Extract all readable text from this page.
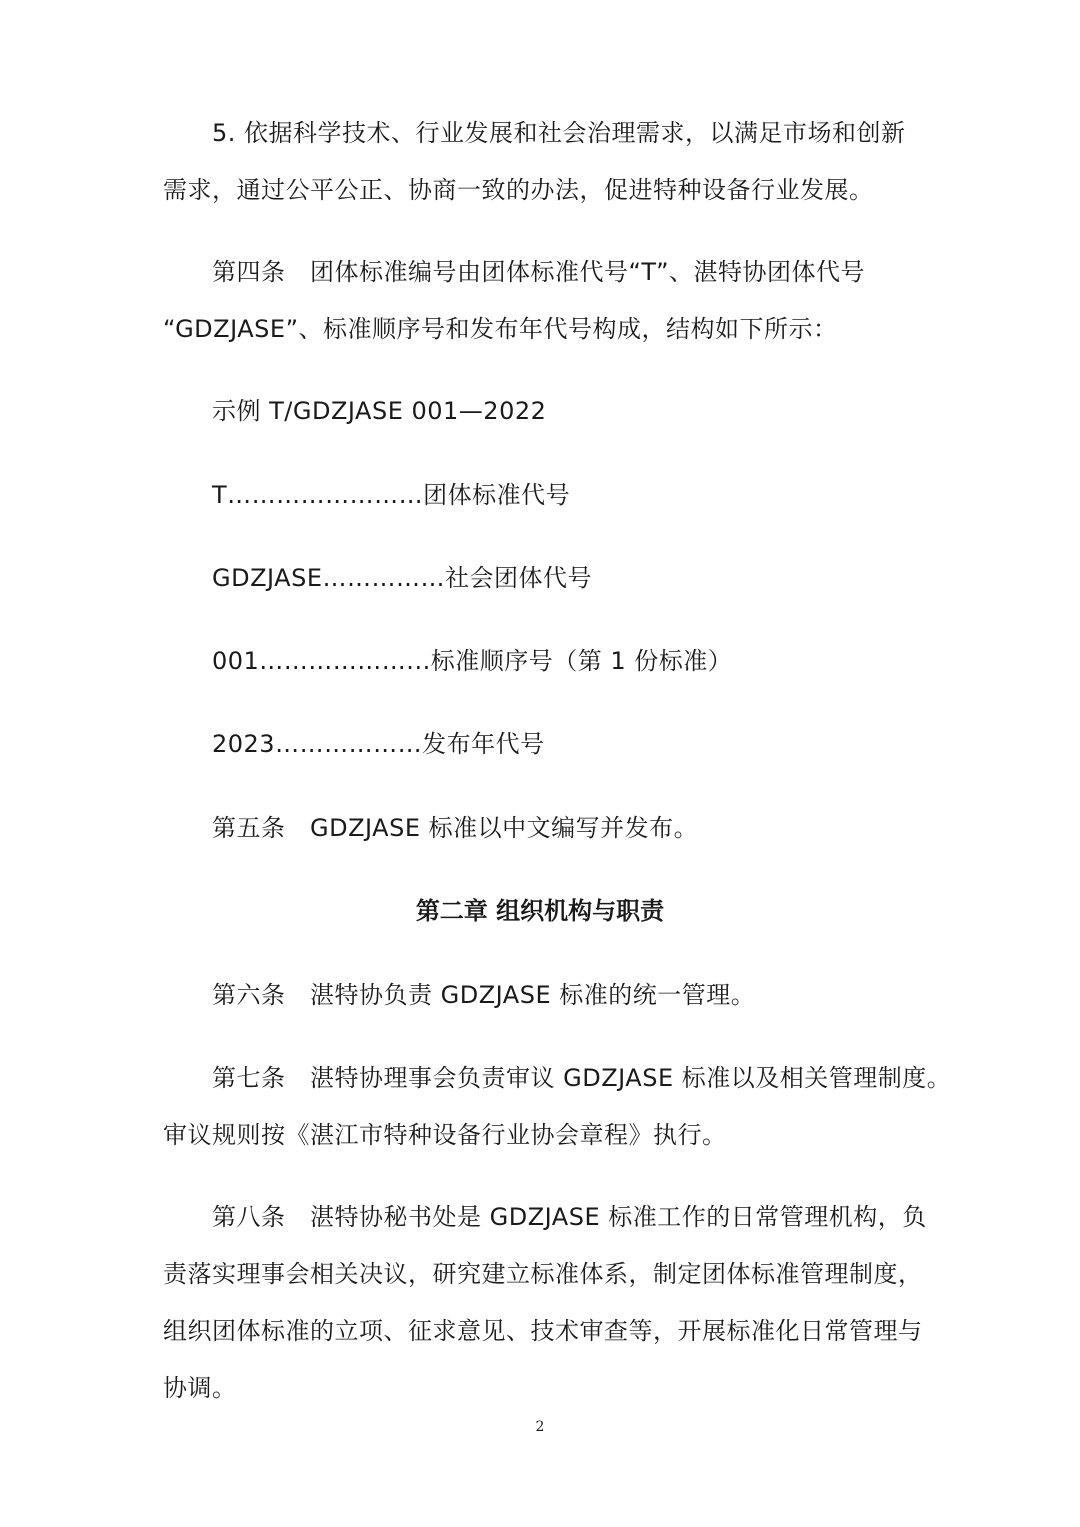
5. 依据科学技术、行业发展和社会治理需求，以满足市场和创新
需求，通过公平公正、协商一致的办法，促进特种设备行业发展。
第四条　团体标准编号由团体标准代号“T”、湛特协团体代号
“GDZJASE”、标准顺序号和发布年代号构成，结构如下所示：
示例 T/GDZJASE 001—2022
T……………………团体标准代号
GDZJASE……………社会团体代号
001………………...标准顺序号（第 1 份标准）
2023………………发布年代号
第五条　GDZJASE 标准以中文编写并发布。
第二章 组织机构与职责
第六条　湛特协负责 GDZJASE 标准的统一管理。
第七条　湛特协理事会负责审议 GDZJASE 标准以及相关管理制度。
审议规则按《湛江市特种设备行业协会章程》执行。
第八条　湛特协秘书处是 GDZJASE 标准工作的日常管理机构，负
责落实理事会相关决议，研究建立标准体系，制定团体标准管理制度，
组织团体标准的立项、征求意见、技术审查等，开展标准化日常管理与
协调。
2
